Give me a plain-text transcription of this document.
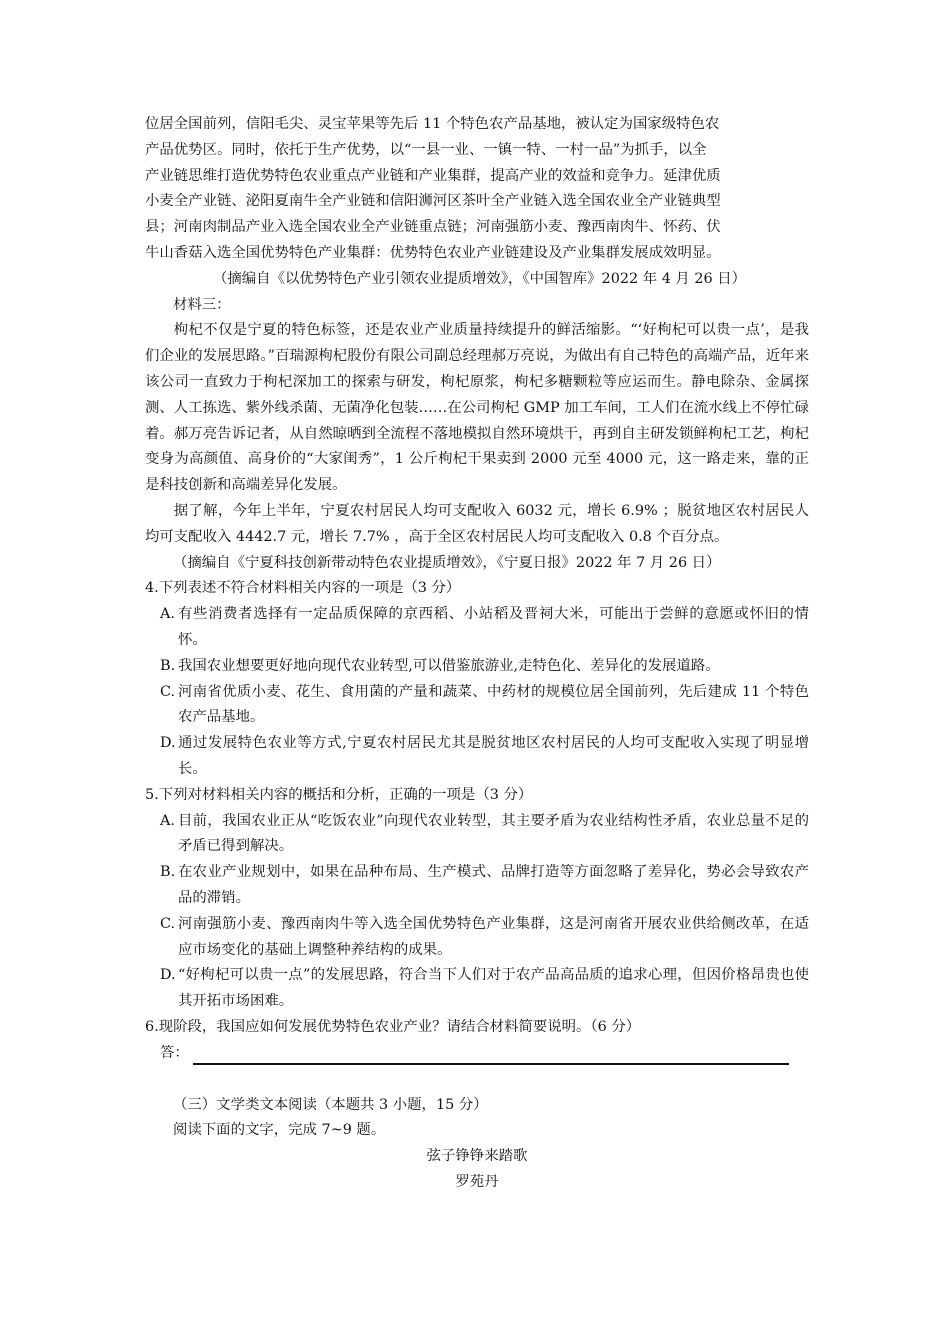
位居全国前列，信阳毛尖、灵宝苹果等先后 11 个特色农产品基地，被认定为国家级特色农

产品优势区。同时，依托于生产优势，以“一县一业、一镇一特、一村一品”为抓手，以全

产业链思维打造优势特色农业重点产业链和产业集群，提高产业的效益和竞争力。延津优质

小麦全产业链、泌阳夏南牛全产业链和信阳浉河区茶叶全产业链入选全国农业全产业链典型

县；河南肉制品产业入选全国农业全产业链重点链；河南强筋小麦、豫西南肉牛、怀药、伏

牛山香菇入选全国优势特色产业集群：优势特色农业产业链建设及产业集群发展成效明显。

（摘编自《以优势特色产业引领农业提质增效》，《中国智库》2022 年 4 月 26 日）

材料三：

枸杞不仅是宁夏的特色标签，还是农业产业质量持续提升的鲜活缩影。“‘好枸杞可以贵一点’，是我们企业的发展思路。”百瑞源枸杞股份有限公司副总经理郝万亮说，为做出有自己特色的高端产品，近年来该公司一直致力于枸杞深加工的探索与研发，枸杞原浆，枸杞多糖颗粒等应运而生。静电除杂、金属探测、人工拣选、紫外线杀菌、无菌净化包装……在公司枸杞 GMP 加工车间，工人们在流水线上不停忙碌着。郝万亮告诉记者，从自然晾晒到全流程不落地模拟自然环境烘干，再到自主研发锁鲜枸杞工艺，枸杞变身为高颜值、高身价的“大家闺秀”，1 公斤枸杞干果卖到 2000 元至 4000 元，这一路走来，靠的正是科技创新和高端差异化发展。

据了解，今年上半年，宁夏农村居民人均可支配收入 6032 元，增长 6.9% ；脱贫地区农村居民人均可支配收入 4442.7 元，增长 7.7% ，高于全区农村居民人均可支配收入 0.8 个百分点。

（摘编自《宁夏科技创新带动特色农业提质增效》，《宁夏日报》2022 年 7 月 26 日）

4.下列表述不符合材料相关内容的一项是（3 分）

A. 有些消费者选择有一定品质保障的京西稻、小站稻及晋祠大米，可能出于尝鲜的意愿或怀旧的情怀。
B. 我国农业想要更好地向现代农业转型,可以借鉴旅游业,走特色化、差异化的发展道路。
C. 河南省优质小麦、花生、食用菌的产量和蔬菜、中药材的规模位居全国前列，先后建成 11 个特色农产品基地。
D. 通过发展特色农业等方式,宁夏农村居民尤其是脱贫地区农村居民的人均可支配收入实现了明显增长。

5.下列对材料相关内容的概括和分析，正确的一项是（3 分）

A. 目前，我国农业正从“吃饭农业”向现代农业转型，其主要矛盾为农业结构性矛盾，农业总量不足的矛盾已得到解决。
B. 在农业产业规划中，如果在品种布局、生产模式、品牌打造等方面忽略了差异化，势必会导致农产品的滞销。
C. 河南强筋小麦、豫西南肉牛等入选全国优势特色产业集群，这是河南省开展农业供给侧改革，在适应市场变化的基础上调整种养结构的成果。
D. “好枸杞可以贵一点”的发展思路，符合当下人们对于农产品高品质的追求心理，但因价格昂贵也使其开拓市场困难。

6.现阶段，我国应如何发展优势特色农业产业？请结合材料简要说明。（6 分）

答：

（三）文学类文本阅读（本题共 3 小题，15 分）

阅读下面的文字，完成 7~9 题。

弦子铮铮来踏歌

罗苑丹
